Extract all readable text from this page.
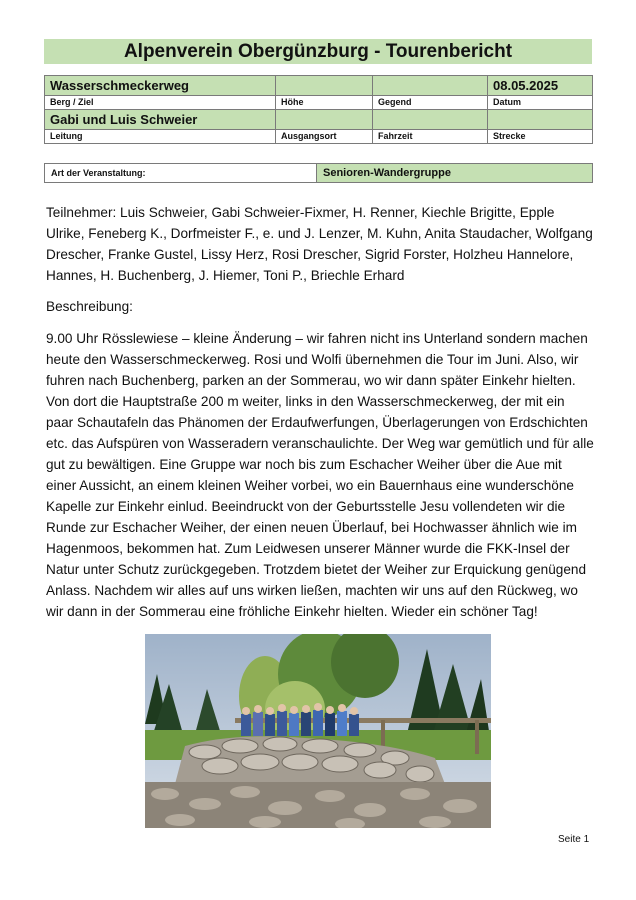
Alpenverein Obergünzburg - Tourenbericht
Wasserschmeckerweg			08.05.2025
Berg / Ziel	Höhe	Gegend	Datum
Gabi und Luis Schweier			
Leitung	Ausgangsort	Fahrzeit	Strecke
Art der Veranstaltung:	Senioren-Wandergruppe
Teilnehmer: Luis Schweier, Gabi Schweier-Fixmer, H. Renner, Kiechle Brigitte, Epple Ulrike, Feneberg K., Dorfmeister F., e. und J. Lenzer, M. Kuhn, Anita Staudacher, Wolfgang Drescher, Franke Gustel, Lissy Herz, Rosi Drescher, Sigrid Forster, Holzheu Hannelore, Hannes, H. Buchenberg, J. Hiemer, Toni P., Briechle Erhard
Beschreibung:
9.00 Uhr Rösslewiese – kleine Änderung – wir fahren nicht ins Unterland sondern machen heute den Wasserschmeckerweg. Rosi und Wolfi übernehmen die Tour im Juni. Also, wir fuhren nach Buchenberg, parken an der Sommerau, wo wir dann später Einkehr hielten. Von dort die Hauptstraße 200 m weiter, links in den Wasserschmeckerweg, der mit ein paar Schautafeln das Phänomen der Erdaufwerfungen, Überlagerungen von Erdschichten etc. das Aufspüren von Wasseradern veranschaulichte. Der Weg war gemütlich und für alle gut zu bewältigen. Eine Gruppe war noch bis zum Eschacher Weiher über die Aue mit einer Aussicht, an einem kleinen Weiher vorbei, wo ein Bauernhaus eine wunderschöne Kapelle zur Einkehr einlud. Beeindruckt von der Geburtsstelle Jesu vollendeten wir die Runde zur Eschacher Weiher, der einen neuen Überlauf, bei Hochwasser ähnlich wie im Hagenmoos, bekommen hat. Zum Leidwesen unserer Männer wurde die FKK-Insel der Natur unter Schutz zurückgegeben. Trotzdem bietet der Weiher zur Erquickung genügend Anlass. Nachdem wir alles auf uns wirken ließen, machten wir uns auf den Rückweg, wo wir dann in der Sommerau eine fröhliche Einkehr hielten. Wieder ein schöner Tag!
Seite 1
